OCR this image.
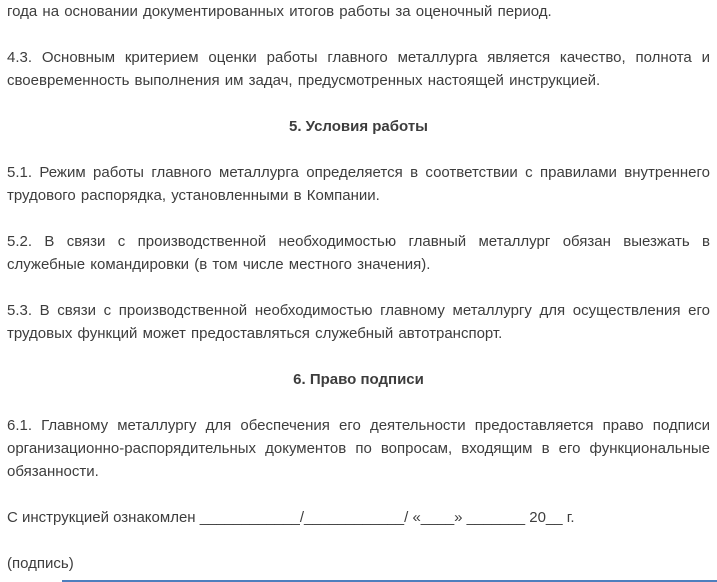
года на основании документированных итогов работы за оценочный период.

4.3. Основным критерием оценки работы главного металлурга является качество, полнота и своевременность выполнения им задач, предусмотренных настоящей инструкцией.

5. Условия работы

5.1. Режим работы главного металлурга определяется в соответствии с правилами внутреннего трудового распорядка, установленными в Компании.

5.2. В связи с производственной необходимостью главный металлург обязан выезжать в служебные командировки (в том числе местного значения).

5.3. В связи с производственной необходимостью главному металлургу для осуществления его трудовых функций может предоставляться служебный автотранспорт.

6. Право подписи

6.1. Главному металлургу для обеспечения его деятельности предоставляется право подписи организационно-распорядительных документов по вопросам, входящим в его функциональные обязанности.

С инструкцией ознакомлен ____________/____________/ «____» _______ 20__ г.

(подпись)
